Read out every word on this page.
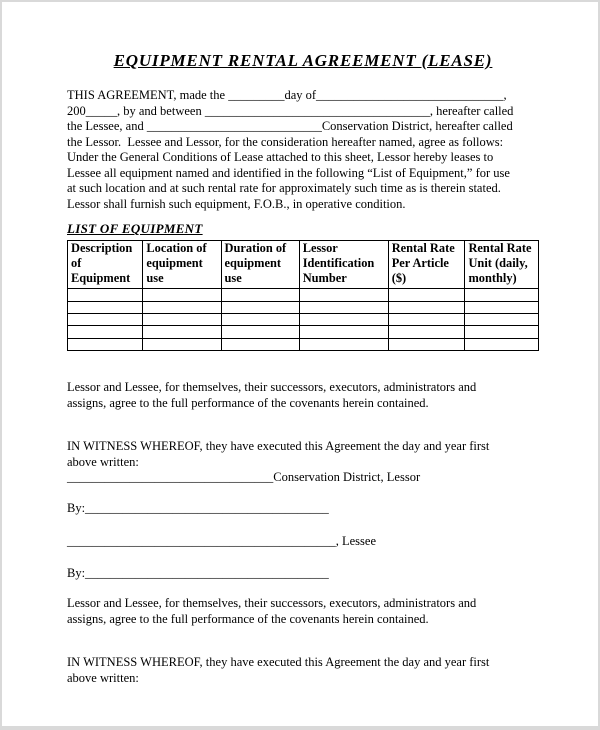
EQUIPMENT RENTAL AGREEMENT (LEASE)
THIS AGREEMENT, made the _________day of______________________________,
200_____, by and between ____________________________________, hereafter called
the Lessee, and ____________________________Conservation District, hereafter called
the Lessor.  Lessee and Lessor, for the consideration hereafter named, agree as follows:
Under the General Conditions of Lease attached to this sheet, Lessor hereby leases to
Lessee all equipment named and identified in the following “List of Equipment,” for use
at such location and at such rental rate for approximately such time as is therein stated.
Lessor shall furnish such equipment, F.O.B., in operative condition.
LIST OF EQUIPMENT
Description of Equipment	Location of equipment use	Duration of equipment use	Lessor Identification Number	Rental Rate Per Article ($)	Rental Rate Unit (daily, monthly)

Lessor and Lessee, for themselves, their successors, executors, administrators and
assigns, agree to the full performance of the covenants herein contained.
IN WITNESS WHEREOF, they have executed this Agreement the day and year first
above written:
_________________________________Conservation District, Lessor
By:_______________________________________
___________________________________________, Lessee
By:_______________________________________
Lessor and Lessee, for themselves, their successors, executors, administrators and
assigns, agree to the full performance of the covenants herein contained.
IN WITNESS WHEREOF, they have executed this Agreement the day and year first
above written:
